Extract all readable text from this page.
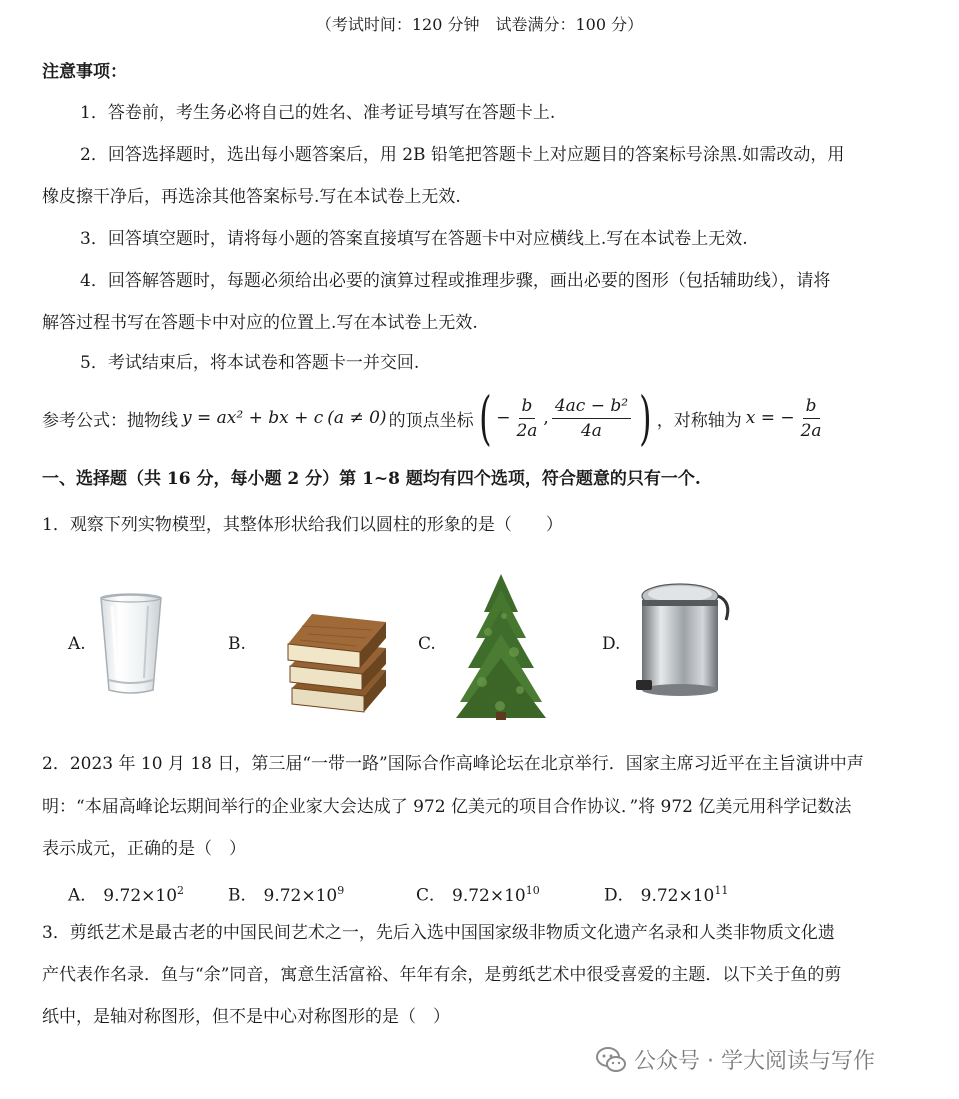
（考试时间：120 分钟　试卷满分：100 分）
注意事项：
1．答卷前，考生务必将自己的姓名、准考证号填写在答题卡上.
2．回答选择题时，选出每小题答案后，用 2B 铅笔把答题卡上对应题目的答案标号涂黑.如需改动，用
橡皮擦干净后，再选涂其他答案标号.写在本试卷上无效.
3．回答填空题时，请将每小题的答案直接填写在答题卡中对应横线上.写在本试卷上无效.
4．回答解答题时，每题必须给出必要的演算过程或推理步骤，画出必要的图形（包括辅助线），请将
解答过程书写在答题卡中对应的位置上.写在本试卷上无效.
5．考试结束后，将本试卷和答题卡一并交回.
参考公式：抛物线 y = ax² + bx + c (a ≠ 0) 的顶点坐标 ( − $\frac{b}{2a}$ , $\frac{\text{4ac − b²}}{4a}$ ) ，对称轴为 x = − $\frac{b}{2a}$
一、选择题（共 16 分，每小题 2 分）第 1~8 题均有四个选项，符合题意的只有一个.
1．观察下列实物模型，其整体形状给我们以圆柱的形象的是（　　）
A.	B.	C.	D.
2．2023 年 10 月 18 日，第三届“一带一路”国际合作高峰论坛在北京举行．国家主席习近平在主旨演讲中声
明：“本届高峰论坛期间举行的企业家大会达成了 972 亿美元的项目合作协议．”将 972 亿美元用科学记数法
表示成元，正确的是（　）
A． $9.72\times 10^2$	B． $9.72\times 10^9$	C． $9.72\times 10^{10}$	D． $9.72\times 10^{11}$
3．剪纸艺术是最古老的中国民间艺术之一，先后入选中国国家级非物质文化遗产名录和人类非物质文化遗
产代表作名录．鱼与“余”同音，寓意生活富裕、年年有余，是剪纸艺术中很受喜爱的主题．以下关于鱼的剪
纸中，是轴对称图形，但不是中心对称图形的是（　）
公众号 · 学大阅读与写作
